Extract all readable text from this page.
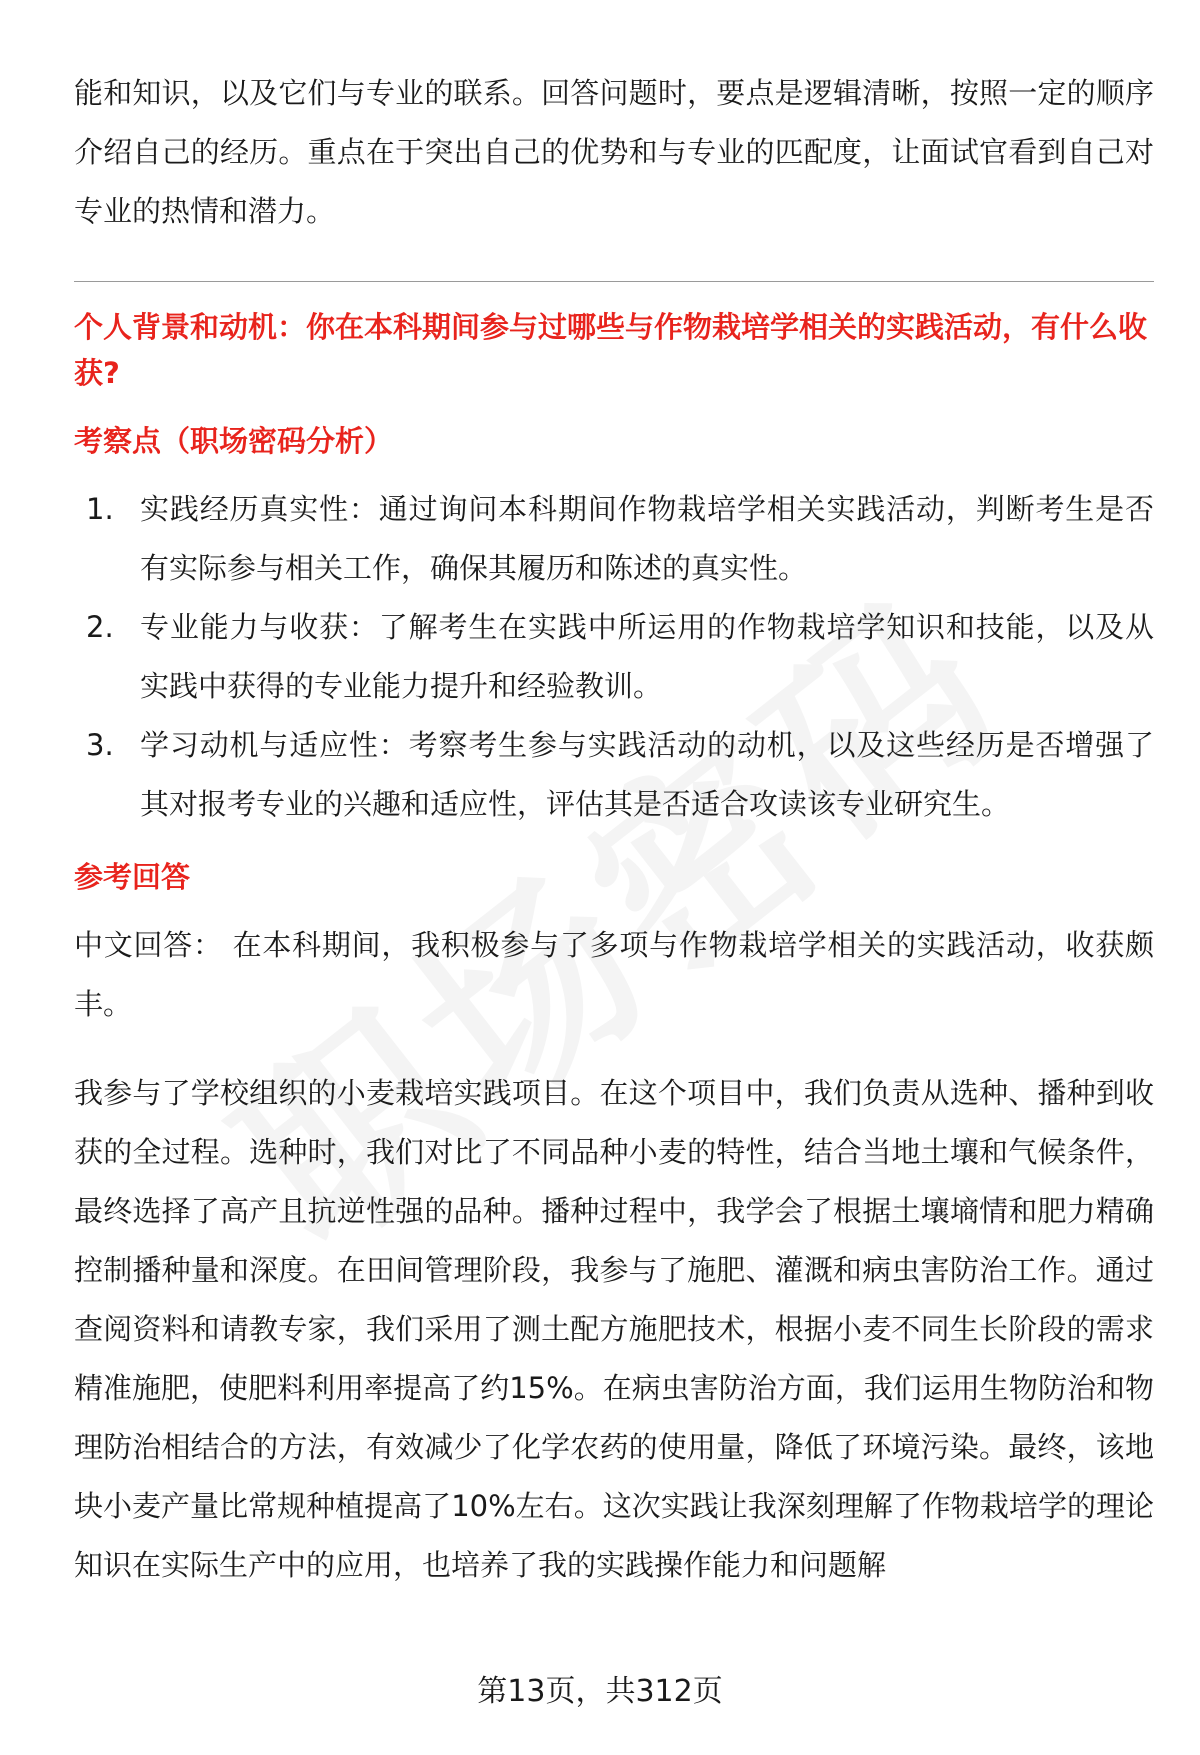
能和知识，以及它们与专业的联系。回答问题时，要点是逻辑清晰，按照一定的顺序介绍自己的经历。重点在于突出自己的优势和与专业的匹配度，让面试官看到自己对专业的热情和潜力。

个人背景和动机：你在本科期间参与过哪些与作物栽培学相关的实践活动，有什么收获?

考察点（职场密码分析）

1. 实践经历真实性：通过询问本科期间作物栽培学相关实践活动，判断考生是否有实际参与相关工作，确保其履历和陈述的真实性。
2. 专业能力与收获：了解考生在实践中所运用的作物栽培学知识和技能，以及从实践中获得的专业能力提升和经验教训。
3. 学习动机与适应性：考察考生参与实践活动的动机，以及这些经历是否增强了其对报考专业的兴趣和适应性，评估其是否适合攻读该专业研究生。

参考回答

中文回答： 在本科期间，我积极参与了多项与作物栽培学相关的实践活动，收获颇丰。

我参与了学校组织的小麦栽培实践项目。在这个项目中，我们负责从选种、播种到收获的全过程。选种时，我们对比了不同品种小麦的特性，结合当地土壤和气候条件，最终选择了高产且抗逆性强的品种。播种过程中，我学会了根据土壤墒情和肥力精确控制播种量和深度。在田间管理阶段，我参与了施肥、灌溉和病虫害防治工作。通过查阅资料和请教专家，我们采用了测土配方施肥技术，根据小麦不同生长阶段的需求精准施肥，使肥料利用率提高了约15%。在病虫害防治方面，我们运用生物防治和物理防治相结合的方法，有效减少了化学农药的使用量，降低了环境污染。最终，该地块小麦产量比常规种植提高了10%左右。这次实践让我深刻理解了作物栽培学的理论知识在实际生产中的应用，也培养了我的实践操作能力和问题解

第13页，共312页
